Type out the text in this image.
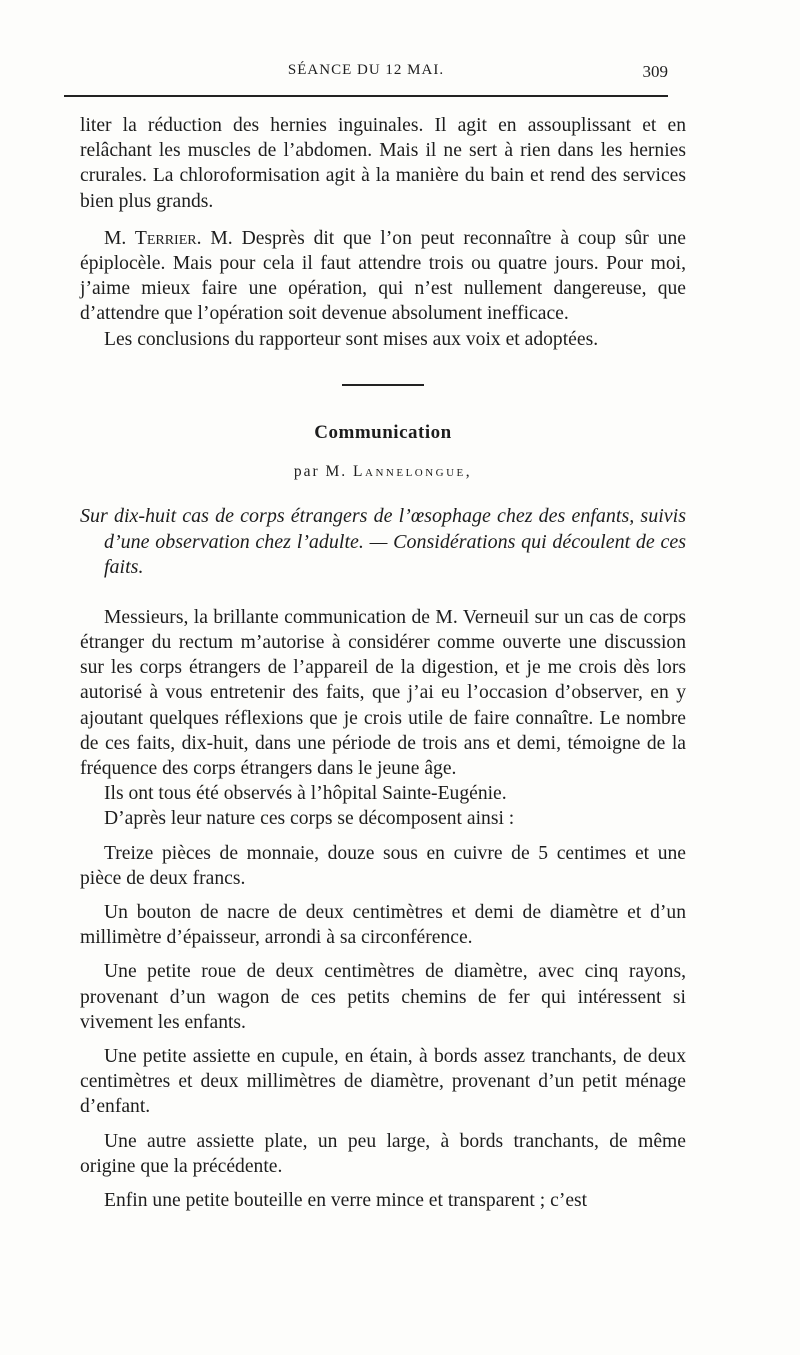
SÉANCE DU 12 MAI.	309

liter la réduction des hernies inguinales. Il agit en assouplissant et en relâchant les muscles de l’abdomen. Mais il ne sert à rien dans les hernies crurales. La chloroformisation agit à la manière du bain et rend des services bien plus grands.

M. Terrier. M. Desprès dit que l’on peut reconnaître à coup sûr une épiplocèle. Mais pour cela il faut attendre trois ou quatre jours. Pour moi, j’aime mieux faire une opération, qui n’est nullement dangereuse, que d’attendre que l’opération soit devenue absolument inefficace.

Les conclusions du rapporteur sont mises aux voix et adoptées.

Communication
par M. Lannelongue,

Sur dix-huit cas de corps étrangers de l’œsophage chez des enfants, suivis d’une observation chez l’adulte. — Considérations qui découlent de ces faits.

Messieurs, la brillante communication de M. Verneuil sur un cas de corps étranger du rectum m’autorise à considérer comme ouverte une discussion sur les corps étrangers de l’appareil de la digestion, et je me crois dès lors autorisé à vous entretenir des faits, que j’ai eu l’occasion d’observer, en y ajoutant quelques réflexions que je crois utile de faire connaître. Le nombre de ces faits, dix-huit, dans une période de trois ans et demi, témoigne de la fréquence des corps étrangers dans le jeune âge.

Ils ont tous été observés à l’hôpital Sainte-Eugénie.

D’après leur nature ces corps se décomposent ainsi :

Treize pièces de monnaie, douze sous en cuivre de 5 centimes et une pièce de deux francs.

Un bouton de nacre de deux centimètres et demi de diamètre et d’un millimètre d’épaisseur, arrondi à sa circonférence.

Une petite roue de deux centimètres de diamètre, avec cinq rayons, provenant d’un wagon de ces petits chemins de fer qui intéressent si vivement les enfants.

Une petite assiette en cupule, en étain, à bords assez tranchants, de deux centimètres et deux millimètres de diamètre, provenant d’un petit ménage d’enfant.

Une autre assiette plate, un peu large, à bords tranchants, de même origine que la précédente.

Enfin une petite bouteille en verre mince et transparent ; c’est
